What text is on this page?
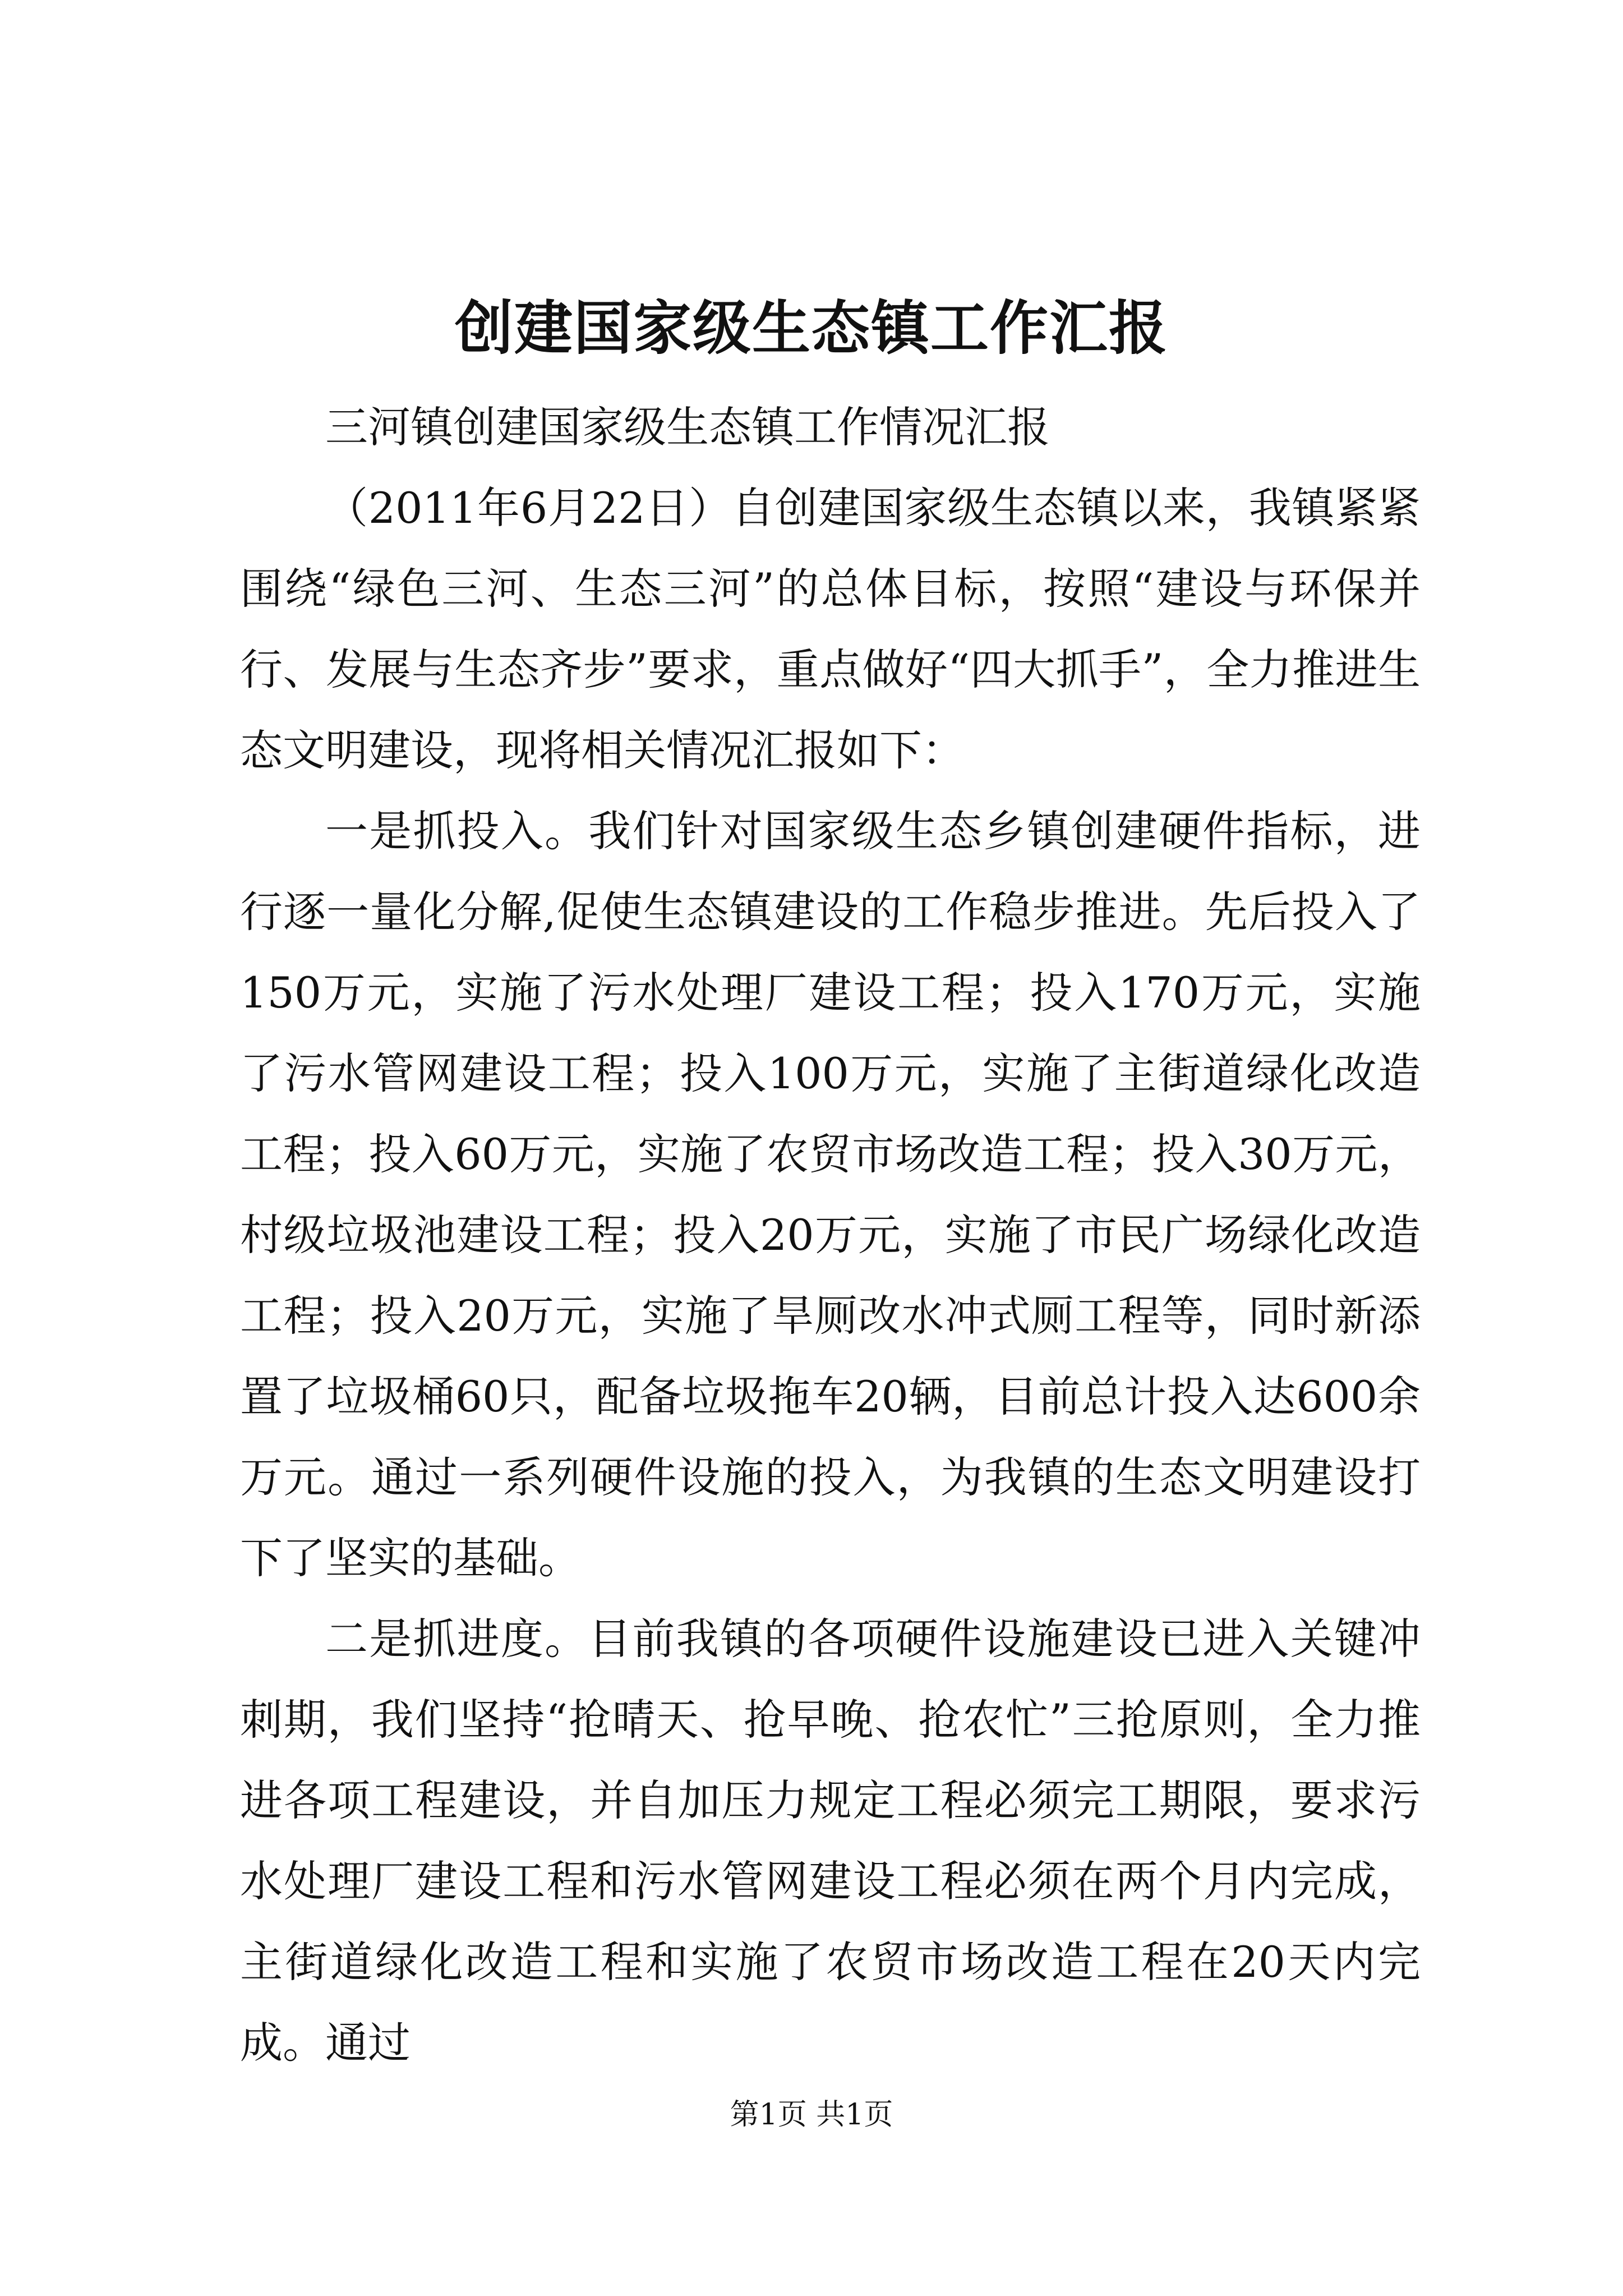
创建国家级生态镇工作汇报

三河镇创建国家级生态镇工作情况汇报

（2011年6月22日）自创建国家级生态镇以来，我镇紧紧围绕“绿色三河、生态三河”的总体目标，按照“建设与环保并行、发展与生态齐步”要求，重点做好“四大抓手”，全力推进生态文明建设，现将相关情况汇报如下：

一是抓投入。我们针对国家级生态乡镇创建硬件指标，进行逐一量化分解,促使生态镇建设的工作稳步推进。先后投入了150万元，实施了污水处理厂建设工程；投入170万元，实施了污水管网建设工程；投入100万元，实施了主街道绿化改造工程；投入60万元，实施了农贸市场改造工程；投入30万元，村级垃圾池建设工程；投入20万元，实施了市民广场绿化改造工程；投入20万元，实施了旱厕改水冲式厕工程等，同时新添置了垃圾桶60只，配备垃圾拖车20辆，目前总计投入达600余万元。通过一系列硬件设施的投入，为我镇的生态文明建设打下了坚实的基础。

二是抓进度。目前我镇的各项硬件设施建设已进入关键冲刺期，我们坚持“抢晴天、抢早晚、抢农忙”三抢原则，全力推进各项工程建设，并自加压力规定工程必须完工期限，要求污水处理厂建设工程和污水管网建设工程必须在两个月内完成，主街道绿化改造工程和实施了农贸市场改造工程在20天内完成。通过

第1页 共1页
